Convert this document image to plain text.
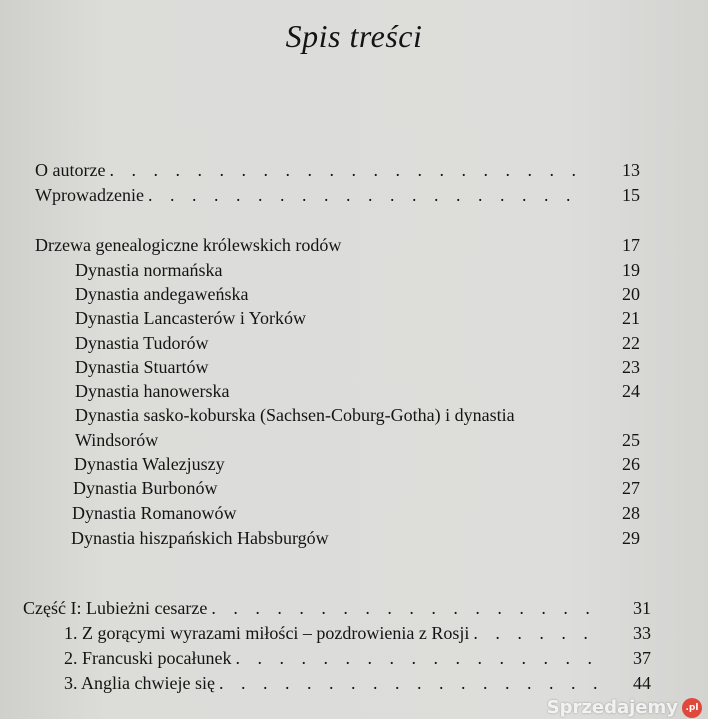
Spis treści
O autorze . . .	13
Wprowadzenie . . .	15
Drzewa genealogiczne królewskich rodów	17
Dynastia normańska	19
Dynastia andegaweńska	20
Dynastia Lancasterów i Yorków	21
Dynastia Tudorów	22
Dynastia Stuartów	23
Dynastia hanowerska	24
Dynastia sasko-koburska (Sachsen-Coburg-Gotha) i dynastia
Windsorów	25
Dynastia Walezjuszy	26
Dynastia Burbonów	27
Dynastia Romanowów	28
Dynastia hiszpańskich Habsburgów	29
Część I: Lubieżni cesarze . . .	31
1. Z gorącymi wyrazami miłości – pozdrowienia z Rosji . . .	33
2. Francuski pocałunek . . .	37
3. Anglia chwieje się . . .	44
Sprzedajemy .pl
